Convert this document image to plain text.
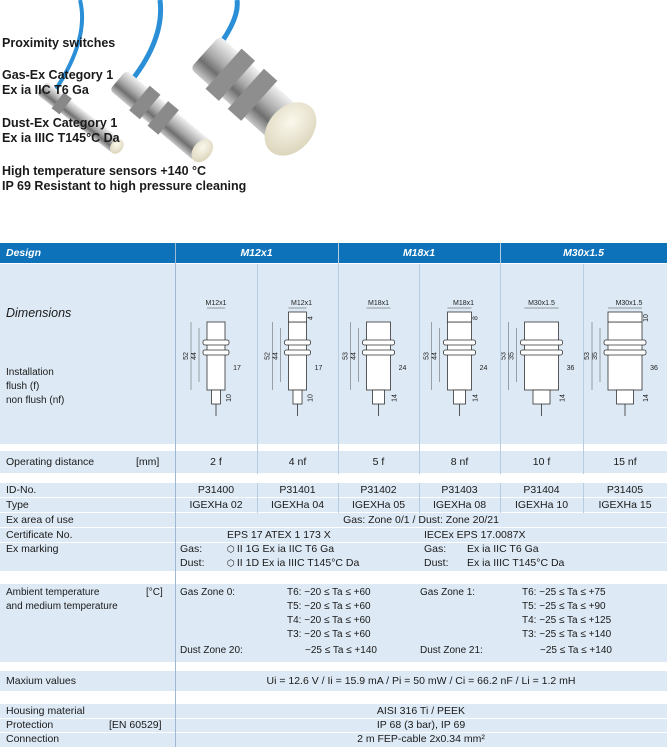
Proximity switches
Gas-Ex Category 1
Ex ia IIC T6 Ga
Dust-Ex Category 1
Ex ia IIIC T145°C Da
High temperature sensors +140 °C
IP 69 Resistant to high pressure cleaning
Design	M12x1	M18x1	M30x1.5
Dimensions
Installation
flush (f)
non flush (nf)
M12x1
52 44
17
10
M12x1
4
52 44
17
10
M18x1
53 44
24
14
M18x1
8
53 44
24
14
M30x1.5
53 35
36
14
M30x1.5
10
53 35
36
14
Operating distance	[mm]	2 f	4 nf	5 f	8 nf	10 f	15 nf
ID-No.	P31400	P31401	P31402	P31403	P31404	P31405
Type	IGEXHa 02	IGEXHa 04	IGEXHa 05	IGEXHa 08	IGEXHa 10	IGEXHa 15
Ex area of use	Gas: Zone 0/1 / Dust: Zone 20/21
Certificate No.	EPS 17 ATEX 1 173 X	IECEx EPS 17.0087X
Ex marking	Gas:	⬡ II 1G Ex ia IIC T6 Ga	Gas: Ex ia IIC T6 Ga
Dust: ⬡ II 1D Ex ia IIIC T145°C Da	Dust: Ex ia IIIC T145°C Da
Ambient temperature	[°C]
and medium temperature
Gas Zone 0:	T6: −20 ≤ Ta ≤ +60
T5: −20 ≤ Ta ≤ +60
T4: −20 ≤ Ta ≤ +60
T3: −20 ≤ Ta ≤ +60
Gas Zone 1:	T6: −25 ≤ Ta ≤ +75
T5: −25 ≤ Ta ≤ +90
T4: −25 ≤ Ta ≤ +125
T3: −25 ≤ Ta ≤ +140
Dust Zone 20:	−25 ≤ Ta ≤ +140	Dust Zone 21:	−25 ≤ Ta ≤ +140
Maxium values	Ui = 12.6 V / Ii = 15.9 mA / Pi = 50 mW / Ci = 66.2 nF / Li = 1.2 mH
Housing material	AISI 316 Ti / PEEK
Protection	[EN 60529]	IP 68 (3 bar), IP 69
Connection	2 m FEP-cable 2x0.34 mm²
